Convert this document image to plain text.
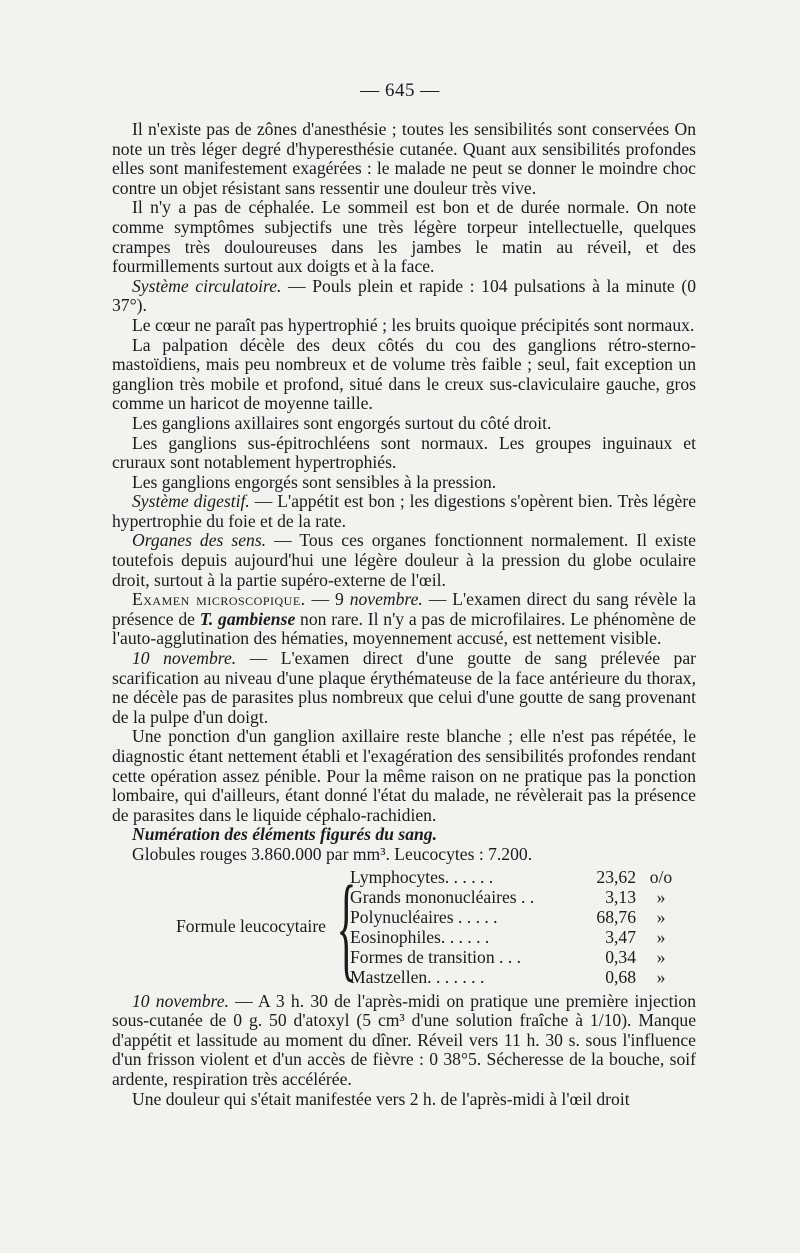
— 645 —

Il n'existe pas de zônes d'anesthésie ; toutes les sensibilités sont conservées On note un très léger degré d'hyperesthésie cutanée. Quant aux sensibilités profondes elles sont manifestement exagérées : le malade ne peut se donner le moindre choc contre un objet résistant sans ressentir une douleur très vive.

Il n'y a pas de céphalée. Le sommeil est bon et de durée normale. On note comme symptômes subjectifs une très légère torpeur intellectuelle, quelques crampes très douloureuses dans les jambes le matin au réveil, et des fourmillements surtout aux doigts et à la face.

Système circulatoire. — Pouls plein et rapide : 104 pulsations à la minute (0 37°).

Le cœur ne paraît pas hypertrophié ; les bruits quoique précipités sont normaux.

La palpation décèle des deux côtés du cou des ganglions rétro-sterno-mastoïdiens, mais peu nombreux et de volume très faible ; seul, fait exception un ganglion très mobile et profond, situé dans le creux sus-claviculaire gauche, gros comme un haricot de moyenne taille.

Les ganglions axillaires sont engorgés surtout du côté droit.

Les ganglions sus-épitrochléens sont normaux. Les groupes inguinaux et cruraux sont notablement hypertrophiés.

Les ganglions engorgés sont sensibles à la pression.

Système digestif. — L'appétit est bon ; les digestions s'opèrent bien. Très légère hypertrophie du foie et de la rate.

Organes des sens. — Tous ces organes fonctionnent normalement. Il existe toutefois depuis aujourd'hui une légère douleur à la pression du globe oculaire droit, surtout à la partie supéro-externe de l'œil.

Examen microscopique. — 9 novembre. — L'examen direct du sang révèle la présence de T. gambiense non rare. Il n'y a pas de microfilaires. Le phénomène de l'auto-agglutination des hématies, moyennement accusé, est nettement visible.

10 novembre. — L'examen direct d'une goutte de sang prélevée par scarification au niveau d'une plaque érythémateuse de la face antérieure du thorax, ne décèle pas de parasites plus nombreux que celui d'une goutte de sang provenant de la pulpe d'un doigt.

Une ponction d'un ganglion axillaire reste blanche ; elle n'est pas répétée, le diagnostic étant nettement établi et l'exagération des sensibilités profondes rendant cette opération assez pénible. Pour la même raison on ne pratique pas la ponction lombaire, qui d'ailleurs, étant donné l'état du malade, ne révèlerait pas la présence de parasites dans le liquide céphalo-rachidien.

Numération des éléments figurés du sang.

Globules rouges 3.860.000 par mm³. Leucocytes : 7.200.

Formule leucocytaire {
Lymphocytes. . . . . .	23,62 o/o
Grands mononucléaires . .	3,13	»
Polynucléaires . . . . .	68,76	»
Eosinophiles. . . . . .	3,47	»
Formes de transition . . .	0,34	»
Mastzellen. . . . . . .	0,68	»

10 novembre. — A 3 h. 30 de l'après-midi on pratique une première injection sous-cutanée de 0 g. 50 d'atoxyl (5 cm³ d'une solution fraîche à 1/10). Manque d'appétit et lassitude au moment du dîner. Réveil vers 11 h. 30 s. sous l'influence d'un frisson violent et d'un accès de fièvre : 0 38°5. Sécheresse de la bouche, soif ardente, respiration très accélérée.

Une douleur qui s'était manifestée vers 2 h. de l'après-midi à l'œil droit
